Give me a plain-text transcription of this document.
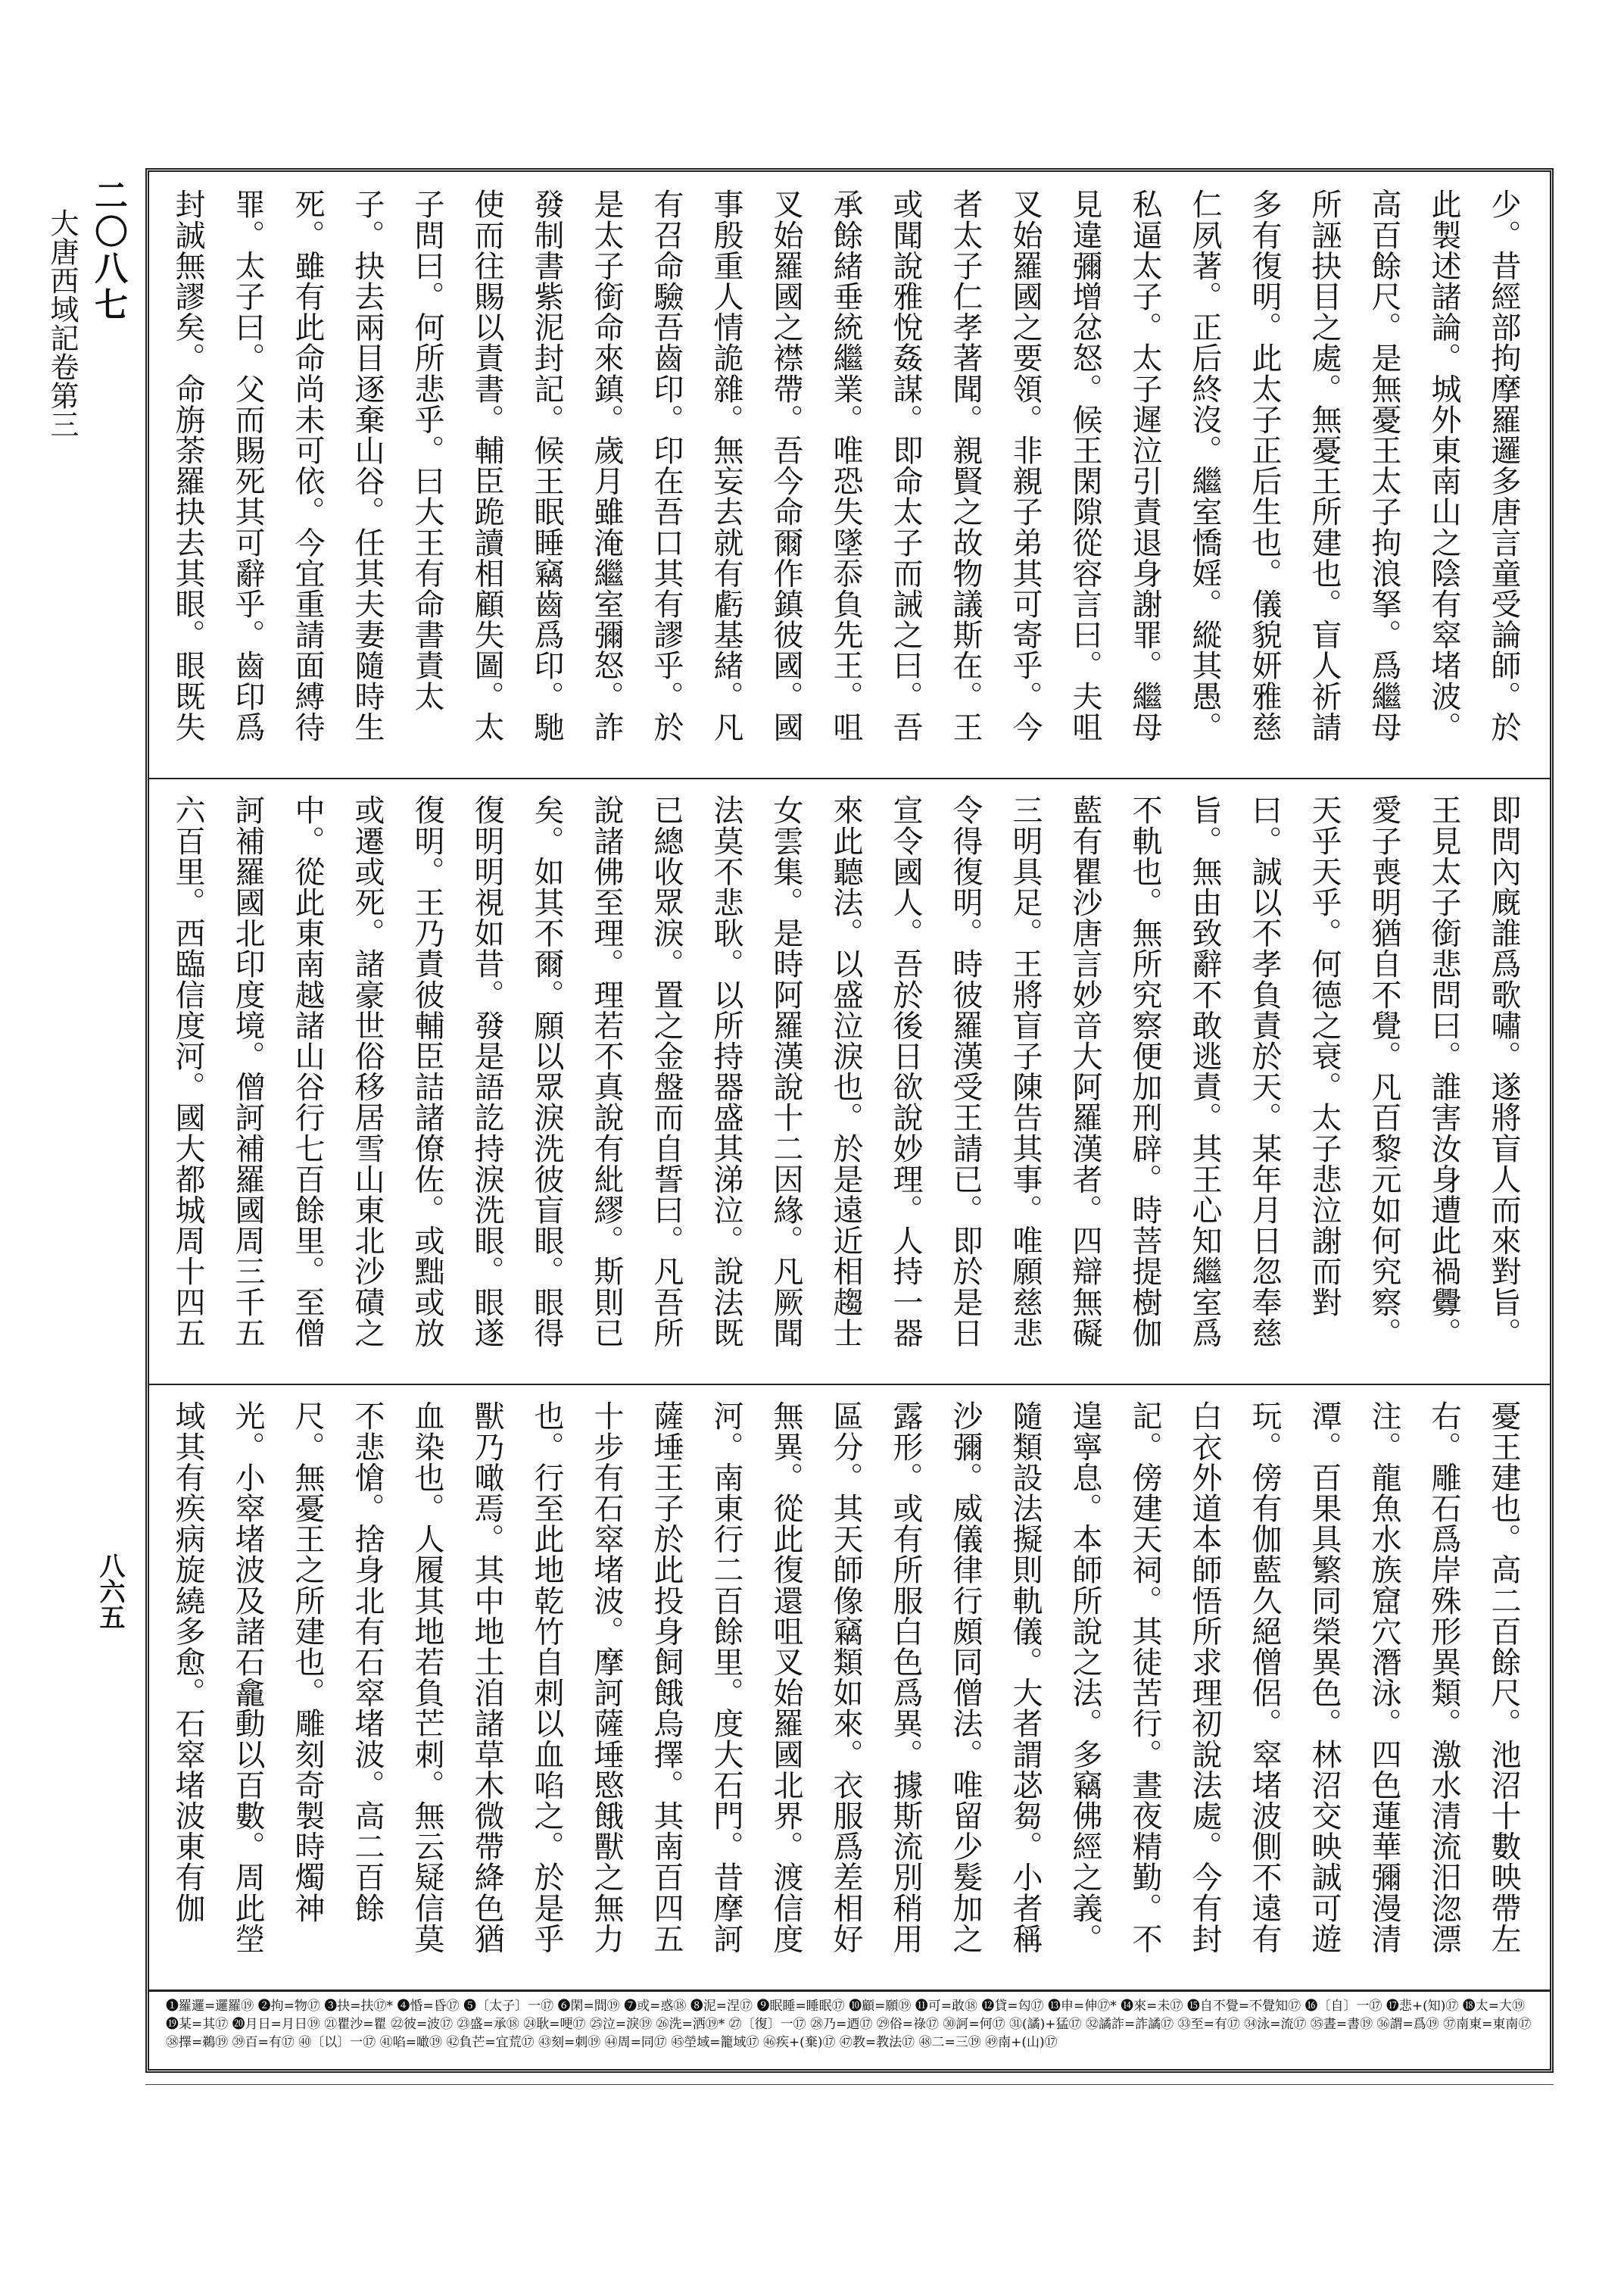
二〇八七
大唐西域記卷第三
八六五
少。昔經部拘摩羅邏多唐言童受論師。於此製述諸論。城外東南山之陰有窣堵波。高百餘尺。是無憂王太子拘浪拏。爲繼母所誣抉目之處。無憂王所建也。盲人祈請多有復明。此太子正后生也。儀貌妍雅慈仁夙著。正后終沒。繼室憍婬。縱其愚。私逼太子。太子遲泣引責退身謝罪。繼母見違彌增忿怒。候王閑隙從容言曰。夫咀叉始羅國之要領。非親子弟其可寄乎。今者太子仁孝著聞。親賢之故物議斯在。王或聞說雅悅姦謀。即命太子而誡之曰。吾承餘緒垂統繼業。唯恐失墜忝負先王。咀叉始羅國之襟帶。吾今命爾作鎮彼國。國事殷重人情詭雜。無妄去就有虧基緒。凡有召命驗吾齒印。印在吾口其有謬乎。於是太子銜命來鎮。歲月雖淹繼室彌怒。詐發制書紫泥封記。候王眠睡竊齒爲印。馳使而往賜以責書。輔臣跪讀相顧失圖。太子問曰。何所悲乎。曰大王有命書責太子。抉去兩目逐棄山谷。任其夫妻隨時生死。雖有此命尚未可依。今宜重請面縛待罪。太子曰。父而賜死其可辭乎。齒印爲封誠無謬矣。命旃荼羅抉去其眼。眼既失
即問內廐誰爲歌嘯。遂將盲人而來對旨。王見太子銜悲問曰。誰害汝身遭此禍釁。愛子喪明猶自不覺。凡百黎元如何究察。天乎天乎。何德之衰。太子悲泣謝而對曰。誠以不孝負責於天。某年月日忽奉慈旨。無由致辭不敢逃責。其王心知繼室爲不軌也。無所究察便加刑辟。時菩提樹伽藍有瞿沙唐言妙音大阿羅漢者。四辯無礙三明具足。王將盲子陳告其事。唯願慈悲令得復明。時彼羅漢受王請已。即於是日宣令國人。吾於後日欲說妙理。人持一器來此聽法。以盛泣淚也。於是遠近相趨士女雲集。是時阿羅漢說十二因緣。凡厥聞法莫不悲耿。以所持器盛其涕泣。說法既已總收眾淚。置之金盤而自誓曰。凡吾所說諸佛至理。理若不真說有紕繆。斯則已矣。如其不爾。願以眾淚洗彼盲眼。眼得復明明視如昔。發是語訖持淚洗眼。眼遂復明。王乃責彼輔臣詰諸僚佐。或黜或放或遷或死。諸豪世俗移居雪山東北沙磧之中。從此東南越諸山谷行七百餘里。至僧訶補羅國北印度境。僧訶補羅國周三千五六百里。西臨信度河。國大都城周十四五
憂王建也。高二百餘尺。池沼十數映帶左右。雕石爲岸殊形異類。激水清流汨淴漂注。龍魚水族窟穴潛泳。四色蓮華彌漫清潭。百果具繁同榮異色。林沼交映誠可遊玩。傍有伽藍久絕僧侶。窣堵波側不遠有白衣外道本師悟所求理初說法處。今有封記。傍建天祠。其徒苦行。晝夜精勤。不遑寧息。本師所說之法。多竊佛經之義。隨類設法擬則軌儀。大者謂苾芻。小者稱沙彌。威儀律行頗同僧法。唯留少髮加之露形。或有所服白色爲異。據斯流別稍用區分。其天師像竊類如來。衣服爲差相好無異。從此復還咀叉始羅國北界。渡信度河。南東行二百餘里。度大石門。昔摩訶薩埵王子於此投身飼餓烏擇。其南百四五十步有石窣堵波。摩訶薩埵愍餓獸之無力也。行至此地乾竹自刺以血啗之。於是乎獸乃噉焉。其中地土洎諸草木微帶絳色猶血染也。人履其地若負芒刺。無云疑信莫不悲愴。捨身北有石窣堵波。高二百餘尺。無憂王之所建也。雕刻奇製時燭神光。小窣堵波及諸石龕動以百數。周此塋域其有疾病旋繞多愈。石窣堵波東有伽
❶羅邏=邏羅⑲ ❷拘=物⑰ ❸抉=扶⑰* ❹惛=昏⑰ ❺〔太子〕一⑰ ❻閑=間⑲ ❼或=惑⑱ ❽泥=涅⑰ ❾眠睡=睡眠⑰ ❿顧=願⑲ ⓫可=敢⑱ ⓬貸=匃⑰ ⓭申=伸⑰* ⓮來=未⑰ ⓯自不覺=不覺知⑰ ⓰〔自〕一⑰ ⓱悲+(知)⑰ ⓲太=大⑲ ⓳某=其⑰ ⓴月日=月日⑲ ㉑瞿沙=瞿 ㉒彼=波⑰ ㉓盛=承⑱ ㉔耿=哽⑰ ㉕泣=淚⑲ ㉖洗=洒⑲* ㉗〔復〕一⑰ ㉘乃=迺⑰ ㉙俗=祿⑰ ㉚訶=何⑰ ㉛(譎)+猛⑰ ㉜譎詐=詐譎⑰ ㉝至=有⑰ ㉞泳=流⑰ ㉟晝=書⑲ ㊱謂=爲⑲ ㊲南東=東南⑰ ㊳擇=鵜⑲ ㊴百=有⑰ ㊵〔以〕一⑰ ㊶啗=噉⑲ ㊷負芒=宜荒⑰ ㊸刻=刺⑲ ㊹周=同⑰ ㊺塋域=籠域⑰ ㊻疾+(棄)⑰ ㊼教=教法⑰ ㊽二=三⑲ ㊾南+(山)⑰
